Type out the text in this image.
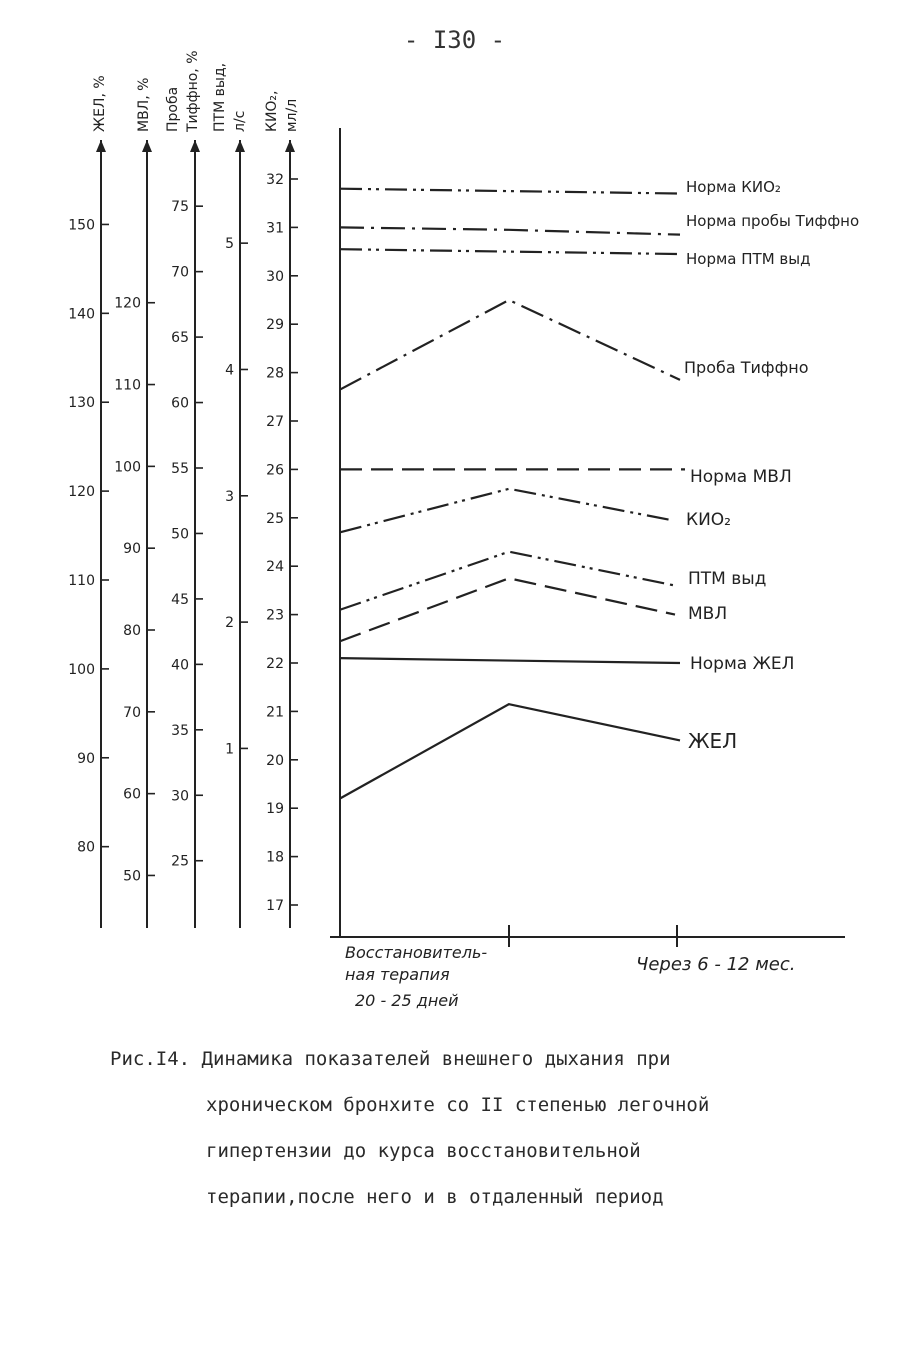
- I30 -
ЖЕЛ, %
80
90
100
110
120
130
140
150
МВЛ, %
50
60
70
80
90
100
110
120
Проба Тиффно, %
25
30
35
40
45
50
55
60
65
70
75
ПТМ выд, л/с
1
2
3
4
5
КИО₂, мл/л
17
18
19
20
21
22
23
24
25
26
27
28
29
30
31
32
Восстановитель-
ная терапия
20 - 25 дней
Через 6 - 12 мес.
Норма КИО₂
Норма пробы Тиффно
Норма ПТМ выд
Проба Тиффно
Норма МВЛ
КИО₂
ПТМ выд
МВЛ
Норма ЖЕЛ
ЖЕЛ
Рис.I4. Динамика показателей внешнего дыхания при
хроническом бронхите со II степенью легочной
гипертензии до курса восстановительной
терапии,после него и в отдаленный период
